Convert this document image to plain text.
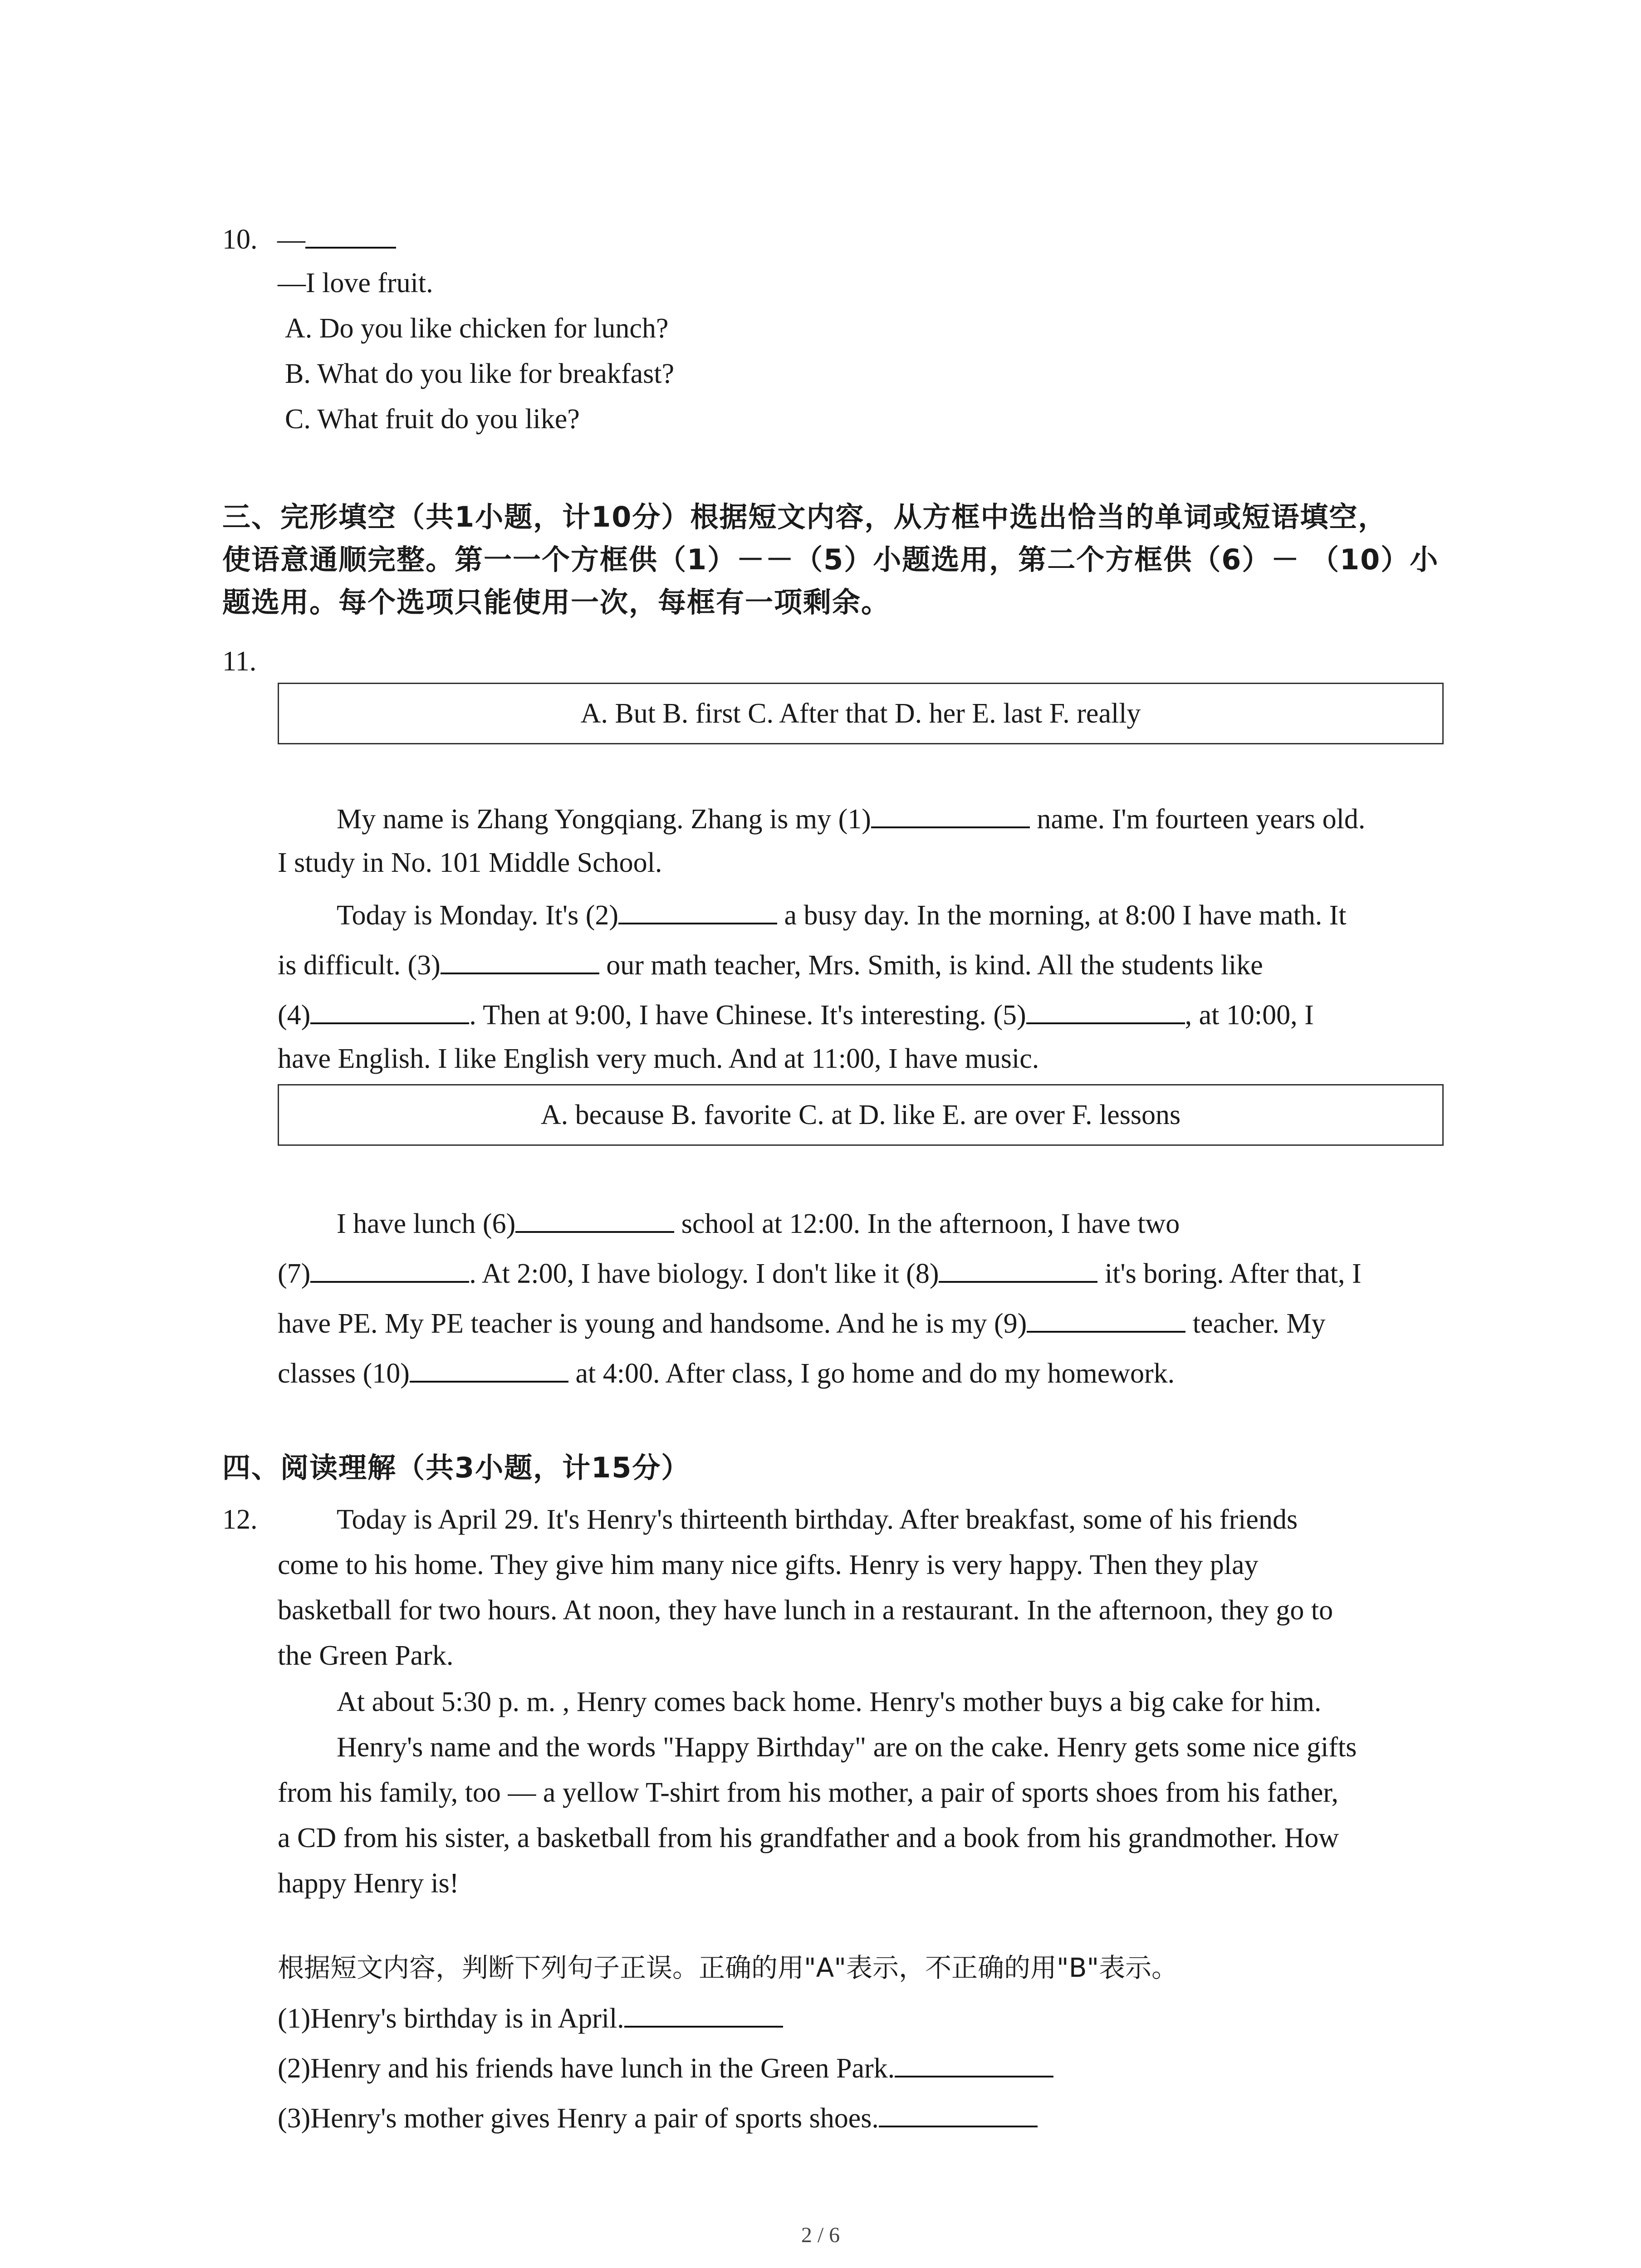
10. —
—I love fruit.
A. Do you like chicken for lunch?
B. What do you like for breakfast?
C. What fruit do you like?
三、完形填空（共1小题，计10分）根据短文内容，从方框中选出恰当的单词或短语填空，
使语意通顺完整。第一一个方框供（1）－－（5）小题选用，第二个方框供（6）－ （10）小
题选用。每个选项只能使用一次，每框有一项剩余。
11.
A. But B. first C. After that D. her E. last F. really
My name is Zhang Yongqiang. Zhang is my (1)	name. I'm fourteen years old.
I study in No. 101 Middle School.
Today is Monday. It's (2)	a busy day. In the morning, at 8:00 I have math. It
is difficult. (3)	our math teacher, Mrs. Smith, is kind. All the students like
(4)	. Then at 9:00, I have Chinese. It's interesting. (5)	, at 10:00, I
have English. I like English very much. And at 11:00, I have music.
A. because B. favorite C. at D. like E. are over F. lessons
I have lunch (6)	school at 12:00. In the afternoon, I have two
(7)	. At 2:00, I have biology. I don't like it (8)	it's boring. After that, I
have PE. My PE teacher is young and handsome. And he is my (9)	teacher. My
classes (10)	at 4:00. After class, I go home and do my homework.
四、阅读理解（共3小题，计15分）
12.	Today is April 29. It's Henry's thirteenth birthday. After breakfast, some of his friends
come to his home. They give him many nice gifts. Henry is very happy. Then they play
basketball for two hours. At noon, they have lunch in a restaurant. In the afternoon, they go to
the Green Park.
At about 5:30 p. m. , Henry comes back home. Henry's mother buys a big cake for him.
Henry's name and the words "Happy Birthday" are on the cake. Henry gets some nice gifts
from his family, too — a yellow T-shirt from his mother, a pair of sports shoes from his father,
a CD from his sister, a basketball from his grandfather and a book from his grandmother. How
happy Henry is!
根据短文内容，判断下列句子正误。正确的用"A"表示，不正确的用"B"表示。
(1)Henry's birthday is in April.
(2)Henry and his friends have lunch in the Green Park.
(3)Henry's mother gives Henry a pair of sports shoes.
2 / 6
